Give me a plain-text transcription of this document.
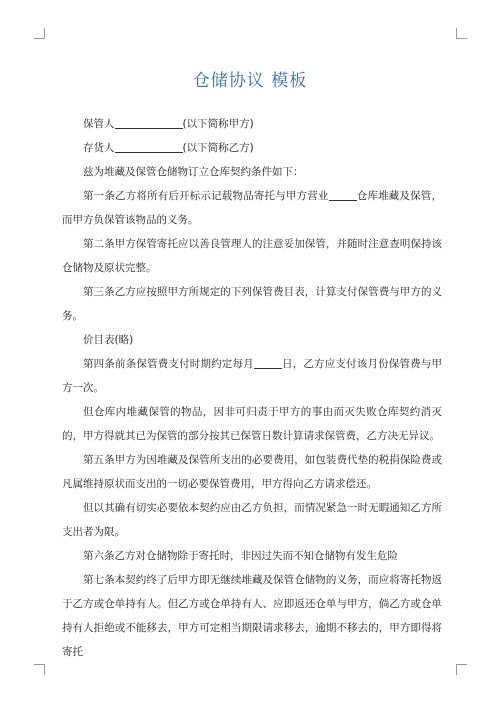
仓储协议 模板

保管人	(以下简称甲方)

存货人	(以下简称乙方)

兹为堆藏及保管仓储物订立仓库契约条件如下：

第一条乙方将所有后开标示记载物品寄托与甲方营业	仓库堆藏及保管，而甲方负保管该物品的义务。

第二条甲方保管寄托应以善良管理人的注意妥加保管，并随时注意查明保持该仓储物及原状完整。

第三条乙方应按照甲方所规定的下列保管费目表，计算支付保管费与甲方的义务。

价目表(略)

第四条前条保管费支付时期约定每月	日，乙方应支付该月份保管费与甲方一次。

但仓库内堆藏保管的物品，因非可归责于甲方的事由而灭失败仓库契约消灭的，甲方得就其已为保管的部分按其已保管日数计算请求保管费，乙方决无异议。

第五条甲方为因堆藏及保管所支出的必要费用，如包装费代垫的税捐保险费或凡属维持原状而支出的一切必要保管费用，甲方得向乙方请求偿还。

但以其确有切实必要依本契约应由乙方负担，而情况紧急一时无暇通知乙方所支出者为限。

第六条乙方对仓储物除于寄托时，非因过失而不知仓储物有发生危险

第七条本契约终了后甲方即无继续堆藏及保管仓储物的义务，而应将寄托物返于乙方或仓单持有人。但乙方或仓单持有人、应即返还仓单与甲方，倘乙方或仓单持有人拒绝或不能移去，甲方可定相当期限请求移去，逾期不移去的，甲方即得将寄托
